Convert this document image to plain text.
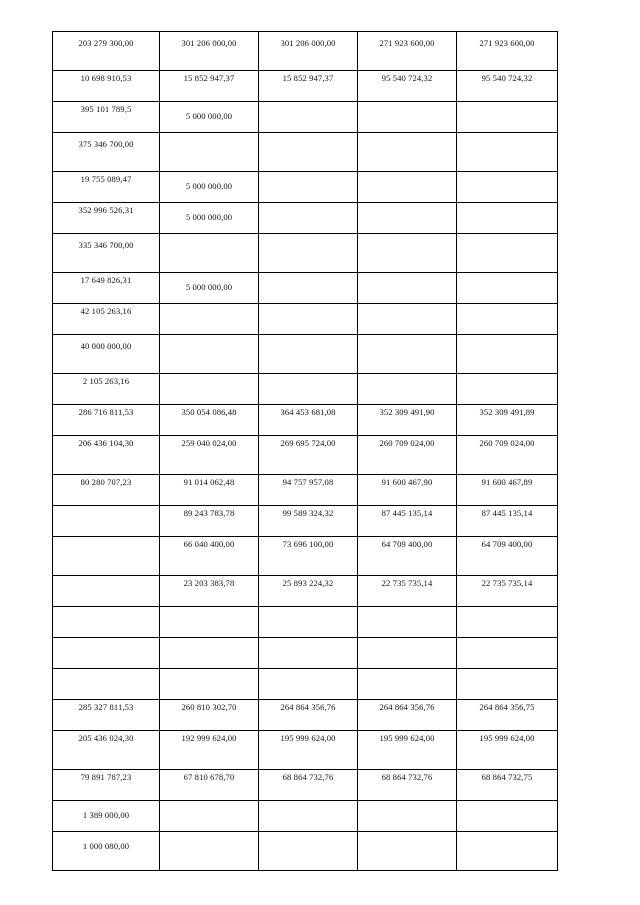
203 279 300,00	301 206 000,00	301 206 000,00	271 923 600,00	271 923 600,00

10 698 910,53	15 852 947,37	15 852 947,37	95 540 724,32	95 540 724,32

395 101 789,5	5 000 000,00			

375 346 700,00				

19 755 089,47	5 000 000,00			

352 996 526,31	5 000 000,00			

335 346 700,00				

17 649 826,31	5 000 000,00			

42 105 263,16				

40 000 000,00				

2 105 263,16				

286 716 811,53	350 054 086,48	364 453 681,08	352 309 491,90	352 309 491,89

206 436 104,30	259 040 024,00	269 695 724,00	260 709 024,00	260 709 024,00

80 280 707,23	91 014 062,48	94 757 957,08	91 600 467,90	91 600 467,89

	89 243 783,78	99 589 324,32	87 445 135,14	87 445 135,14

	66 040 400,00	73 696 100,00	64 709 400,00	64 709 400,00

	23 203 383,78	25 893 224,32	22 735 735,14	22 735 735,14

285 327 811,53	260 810 302,70	264 864 356,76	264 864 356,76	264 864 356,75

205 436 024,30	192 999 624,00	195 999 624,00	195 999 624,00	195 999 624,00

79 891 787,23	67 810 678,70	68 864 732,76	68 864 732,76	68 864 732,75

1 389 000,00				

1 000 080,00				
